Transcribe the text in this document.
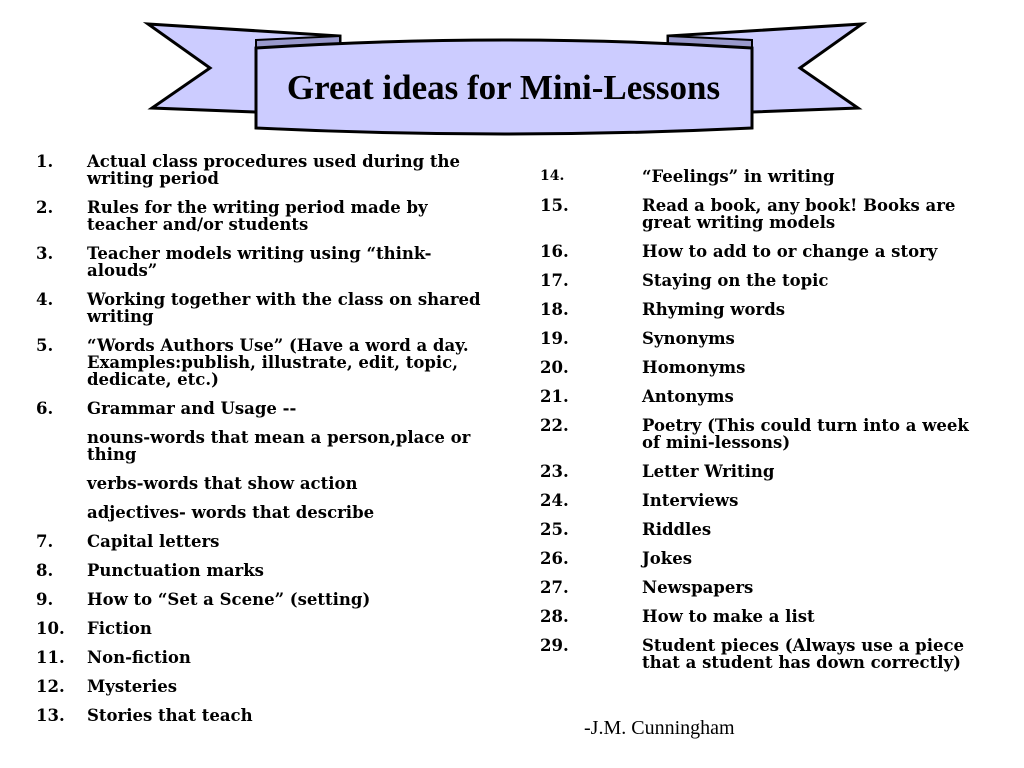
Great ideas for Mini-Lessons
1.	Actual class procedures used during the writing period
2.	Rules for the writing period made by teacher and/or students
3.	Teacher models writing using “think-alouds”
4.	Working together with the class on shared writing
5.	“Words Authors Use” (Have a word a day. Examples:publish, illustrate, edit, topic, dedicate, etc.)
6.	Grammar and Usage --
nouns-words that mean a person,place or thing
verbs-words that show action
adjectives- words that describe
7.	Capital letters
8.	Punctuation marks
9.	How to “Set a Scene” (setting)
10.	Fiction
11.	Non-fiction
12.	Mysteries
13.	Stories that teach
14.	“Feelings” in writing
15.	Read a book, any book! Books are great writing models
16.	How to add to or change a story
17.	Staying on the topic
18.	Rhyming words
19.	Synonyms
20.	Homonyms
21.	Antonyms
22.	Poetry (This could turn into a week of mini-lessons)
23.	Letter Writing
24.	Interviews
25.	Riddles
26.	Jokes
27.	Newspapers
28.	How to make a list
29.	Student pieces (Always use a piece that a student has down correctly)
-J.M. Cunningham
